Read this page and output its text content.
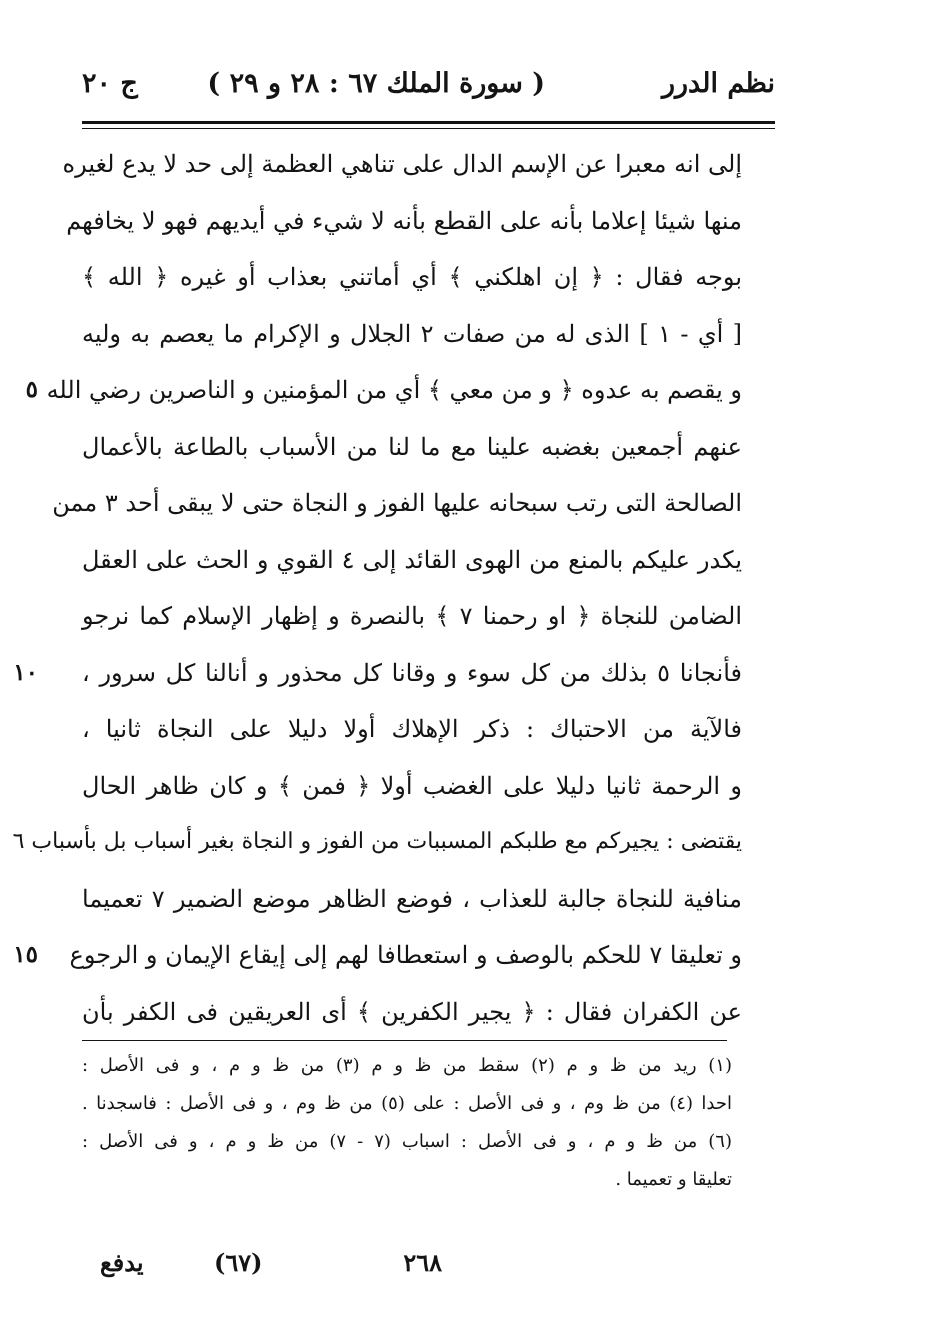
نظم الدرر
( سورة الملك ٦٧ : ٢٨ و ٢٩ )
ج ٢٠
إلى انه معبرا عن الإسم الدال على تناهي العظمة إلى حد لا يدع لغيره
منها شيئا إعلاما بأنه على القطع بأنه لا شيء في أيديهم فهو لا يخافهم
بوجه فقال : ﴿ إن اهلكني ﴾ أي أماتني بعذاب أو غيره ﴿ الله ﴾
[ أي - ١ ] الذى له من صفات ٢ الجلال و الإكرام ما يعصم به وليه
و يقصم به عدوه ﴿ و من معي ﴾ أي من المؤمنين و الناصرين رضي الله
٥
عنهم أجمعين بغضبه علينا مع ما لنا من الأسباب بالطاعة بالأعمال
الصالحة التى رتب سبحانه عليها الفوز و النجاة حتى لا يبقى أحد ٣ ممن
يكدر عليكم بالمنع من الهوى القائد إلى ٤ القوي و الحث على العقل
الضامن للنجاة ﴿ او رحمنا ٧ ﴾ بالنصرة و إظهار الإسلام كما نرجو
فأنجانا ٥ بذلك من كل سوء و وقانا كل محذور و أنالنا كل سرور ،
١٠
فالآية من الاحتباك : ذكر الإهلاك أولا دليلا على النجاة ثانيا ،
و الرحمة ثانيا دليلا على الغضب أولا ﴿ فمن ﴾ و كان ظاهر الحال
يقتضى : يجيركم مع طلبكم المسببات من الفوز و النجاة بغير أسباب بل بأسباب ٦
منافية للنجاة جالبة للعذاب ، فوضع الظاهر موضع الضمير ٧ تعميما
و تعليقا ٧ للحكم بالوصف و استعطافا لهم إلى إيقاع الإيمان و الرجوع
١٥
عن الكفران فقال : ﴿ يجير الكفرين ﴾ أى العريقين فى الكفر بأن
(١) ريد من ظ و م (٢) سقط من ظ و م (٣) من ظ و م ، و فى الأصل :
احدا (٤) من ظ وم ، و فى الأصل : على (٥) من ظ وم ، و فى الأصل : فاسجدنا .
(٦) من ظ و م ، و فى الأصل : اسباب (٧ - ٧) من ظ و م ، و فى الأصل :
تعليقا و تعميما .
٢٦٨
(٦٧)
يدفع
